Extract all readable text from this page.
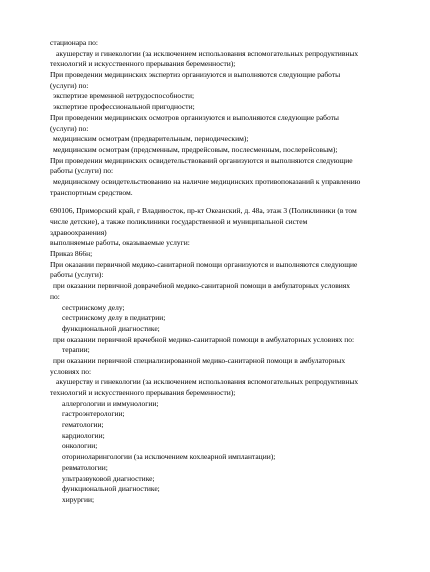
стационара по:
акушерству и гинекологии (за исключением использования вспомогательных репродуктивных
технологий и искусственного прерывания беременности);
При проведении медицинских экспертиз организуются и выполняются следующие работы
(услуги) по:
экспертизе временной нетрудоспособности;
экспертизе профессиональной пригодности;
При проведении медицинских осмотров организуются и выполняются следующие работы
(услуги) по:
медицинским осмотрам (предварительным, периодическим);
медицинским осмотрам (предсменным, предрейсовым, послесменным, послерейсовым);
При проведении медицинских освидетельствований организуются и выполняются следующие
работы (услуги) по:
медицинскому освидетельствованию на наличие медицинских противопоказаний к управлению
транспортным средством.
690106, Приморский край, г Владивосток, пр-кт Океанский, д. 48а, этаж 3 (Поликлиники (в том
числе детские), а также поликлиники государственной и муниципальной систем
здравоохранения)
выполняемые работы, оказываемые услуги:
Приказ 866н;
При оказании первичной медико-санитарной помощи организуются и выполняются следующие
работы (услуги):
при оказании первичной доврачебной медико-санитарной помощи в амбулаторных условиях
по:
сестринскому делу;
сестринскому делу в педиатрии;
функциональной диагностике;
при оказании первичной врачебной медико-санитарной помощи в амбулаторных условиях по:
терапии;
при оказании первичной специализированной медико-санитарной помощи в амбулаторных
условиях по:
акушерству и гинекологии (за исключением использования вспомогательных репродуктивных
технологий и искусственного прерывания беременности);
аллергологии и иммунологии;
гастроэнтерологии;
гематологии;
кардиологии;
онкологии;
оториноларингологии (за исключением кохлеарной имплантации);
ревматологии;
ультразвуковой диагностике;
функциональной диагностике;
хирургии;
